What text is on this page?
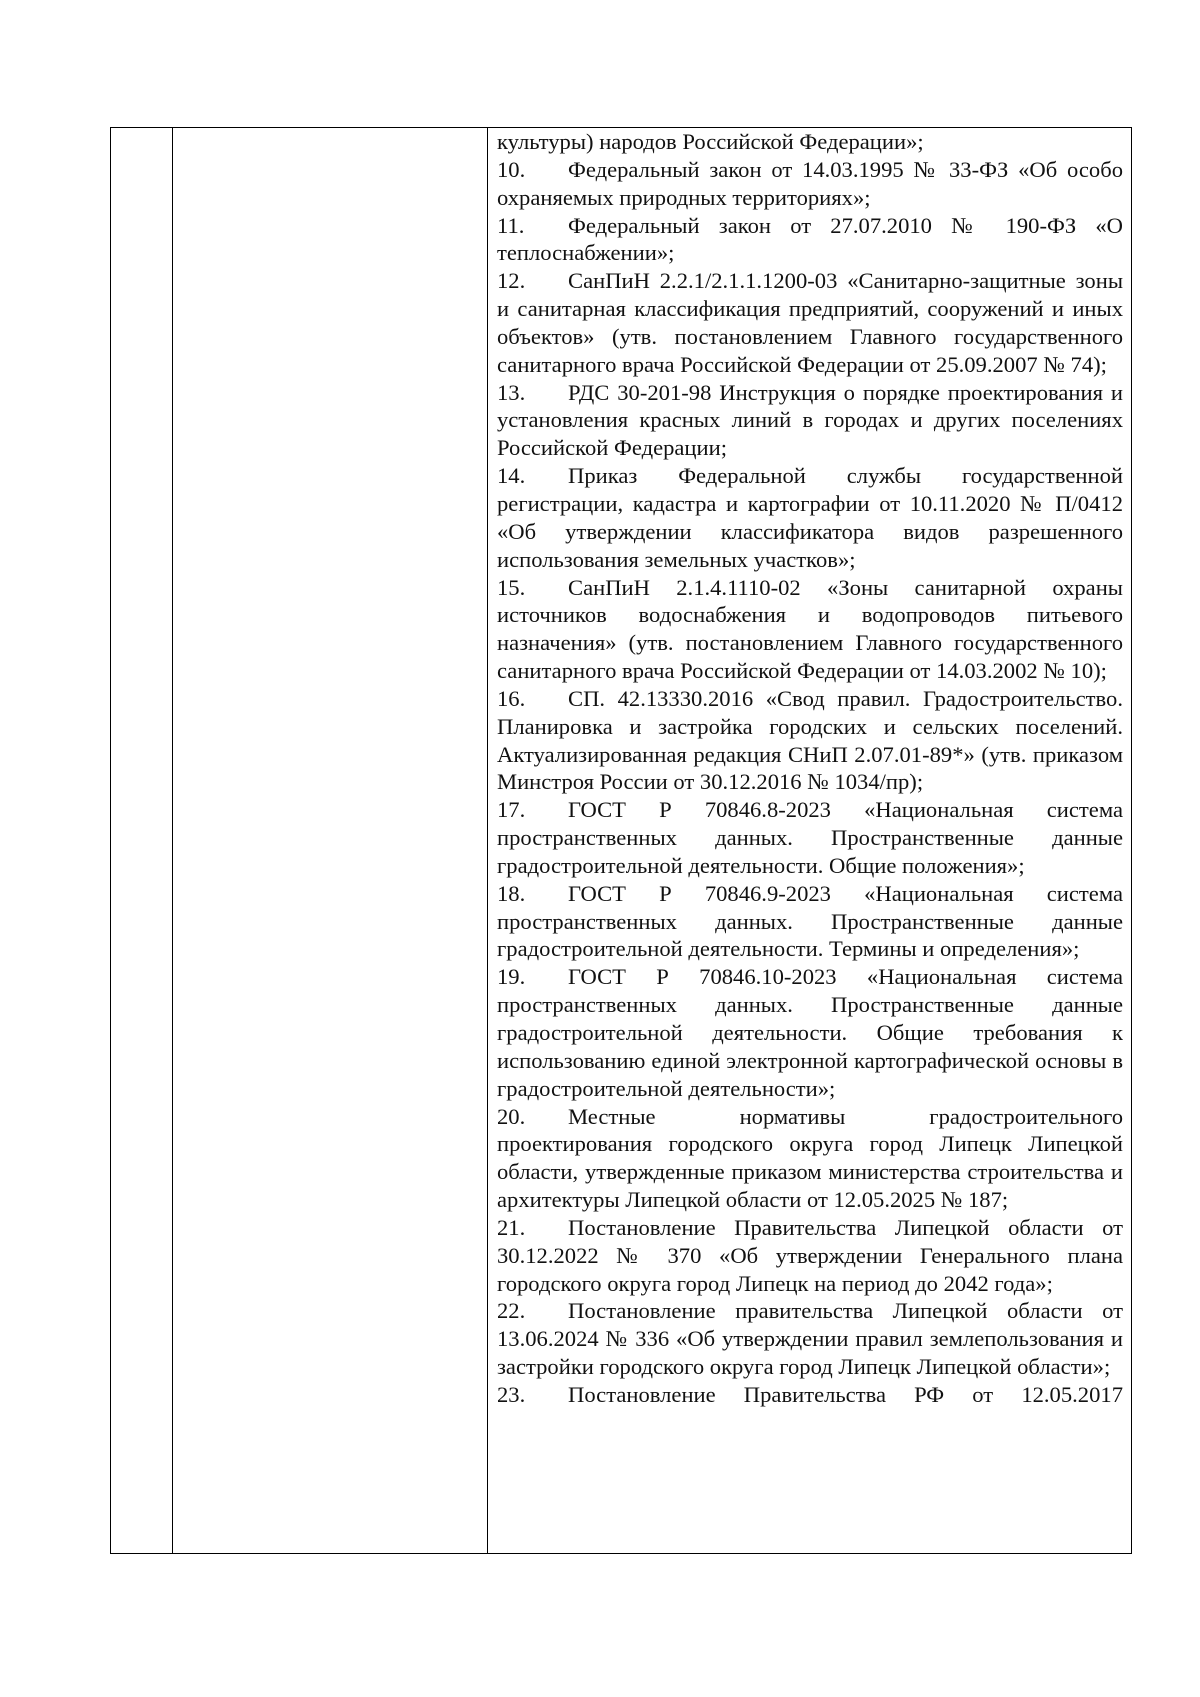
культуры) народов Российской Федерации»;

10. Федеральный закон от 14.03.1995 № 33-ФЗ «Об особо охраняемых природных территориях»;

11. Федеральный закон от 27.07.2010 № 190-ФЗ «О теплоснабжении»;

12. СанПиН 2.2.1/2.1.1.1200-03 «Санитарно-защитные зоны и санитарная классификация предприятий, сооружений и иных объектов» (утв. постановлением Главного государственного санитарного врача Российской Федерации от 25.09.2007 № 74);

13. РДС 30-201-98 Инструкция о порядке проектирования и установления красных линий в городах и других поселениях Российской Федерации;

14. Приказ Федеральной службы государственной регистрации, кадастра и картографии от 10.11.2020 № П/0412 «Об утверждении классификатора видов разрешенного использования земельных участков»;

15. СанПиН 2.1.4.1110-02 «Зоны санитарной охраны источников водоснабжения и водопроводов питьевого назначения» (утв. постановлением Главного государственного санитарного врача Российской Федерации от 14.03.2002 № 10);

16. СП. 42.13330.2016 «Свод правил. Градостроительство. Планировка и застройка городских и сельских поселений. Актуализированная редакция СНиП 2.07.01-89*» (утв. приказом Минстроя России от 30.12.2016 № 1034/пр);

17. ГОСТ Р 70846.8-2023 «Национальная система пространственных данных. Пространственные данные градостроительной деятельности. Общие положения»;

18. ГОСТ Р 70846.9-2023 «Национальная система пространственных данных. Пространственные данные градостроительной деятельности. Термины и определения»;

19. ГОСТ Р 70846.10-2023 «Национальная система пространственных данных. Пространственные данные градостроительной деятельности. Общие требования к использованию единой электронной картографической основы в градостроительной деятельности»;

20. Местные нормативы градостроительного проектирования городского округа город Липецк Липецкой области, утвержденные приказом министерства строительства и архитектуры Липецкой области от 12.05.2025 № 187;

21. Постановление Правительства Липецкой области от 30.12.2022 № 370 «Об утверждении Генерального плана городского округа город Липецк на период до 2042 года»;

22. Постановление правительства Липецкой области от 13.06.2024 № 336 «Об утверждении правил землепользования и застройки городского округа город Липецк Липецкой области»;

23. Постановление Правительства РФ от 12.05.2017
